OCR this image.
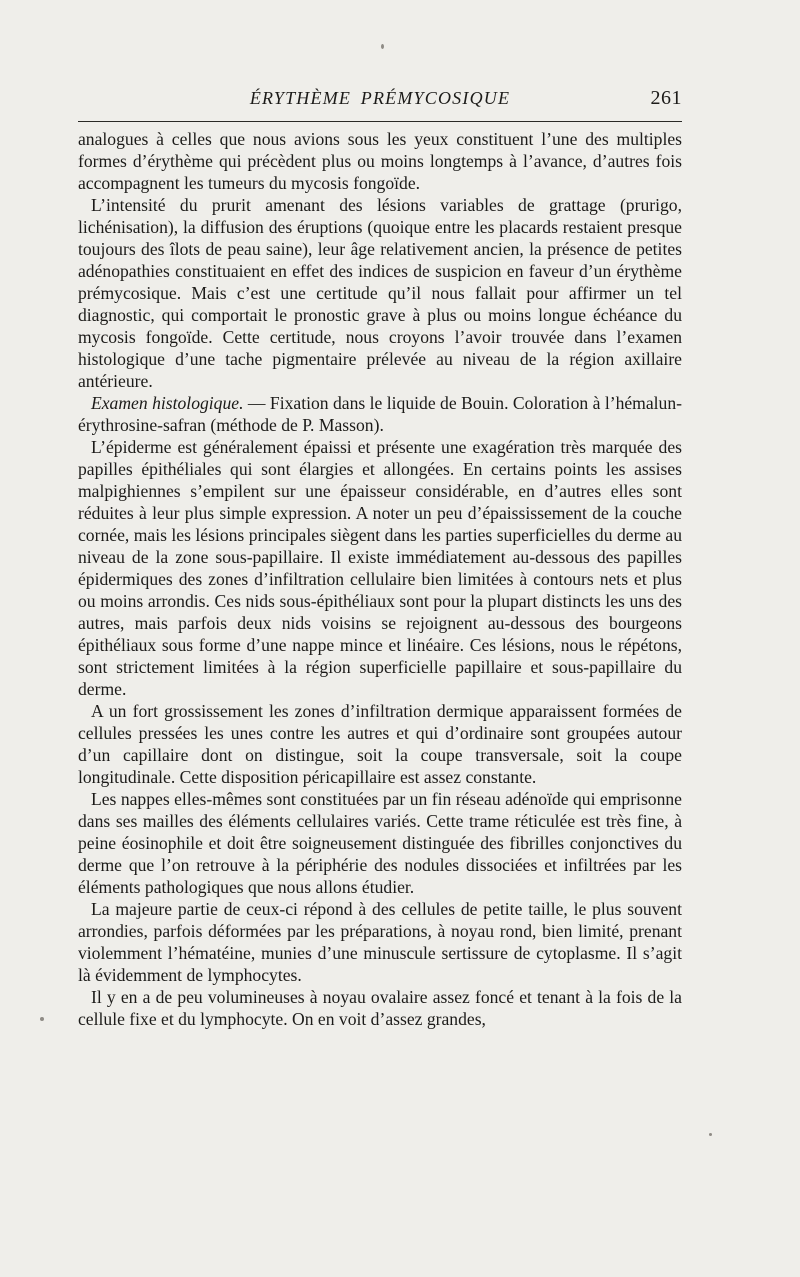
ÉRYTHÈME PRÉMYCOSIQUE	261

analogues à celles que nous avions sous les yeux constituent l’une des multiples formes d’érythème qui précèdent plus ou moins longtemps à l’avance, d’autres fois accompagnent les tumeurs du mycosis fongoïde.

L’intensité du prurit amenant des lésions variables de grattage (prurigo, lichénisation), la diffusion des éruptions (quoique entre les placards restaient presque toujours des îlots de peau saine), leur âge relativement ancien, la présence de petites adénopathies constituaient en effet des indices de suspicion en faveur d’un érythème prémycosique. Mais c’est une certitude qu’il nous fallait pour affirmer un tel diagnostic, qui comportait le pronostic grave à plus ou moins longue échéance du mycosis fongoïde. Cette certitude, nous croyons l’avoir trouvée dans l’examen histologique d’une tache pigmentaire prélevée au niveau de la région axillaire antérieure.

Examen histologique. — Fixation dans le liquide de Bouin. Coloration à l’hémalun-érythrosine-safran (méthode de P. Masson).

L’épiderme est généralement épaissi et présente une exagération très marquée des papilles épithéliales qui sont élargies et allongées. En certains points les assises malpighiennes s’empilent sur une épaisseur considérable, en d’autres elles sont réduites à leur plus simple expression. A noter un peu d’épaississement de la couche cornée, mais les lésions principales siègent dans les parties superficielles du derme au niveau de la zone sous-papillaire. Il existe immédiatement au-dessous des papilles épidermiques des zones d’infiltration cellulaire bien limitées à contours nets et plus ou moins arrondis. Ces nids sous-épithéliaux sont pour la plupart distincts les uns des autres, mais parfois deux nids voisins se rejoignent au-dessous des bourgeons épithéliaux sous forme d’une nappe mince et linéaire. Ces lésions, nous le répétons, sont strictement limitées à la région superficielle papillaire et sous-papillaire du derme.

A un fort grossissement les zones d’infiltration dermique apparaissent formées de cellules pressées les unes contre les autres et qui d’ordinaire sont groupées autour d’un capillaire dont on distingue, soit la coupe transversale, soit la coupe longitudinale. Cette disposition péricapillaire est assez constante.

Les nappes elles-mêmes sont constituées par un fin réseau adénoïde qui emprisonne dans ses mailles des éléments cellulaires variés. Cette trame réticulée est très fine, à peine éosinophile et doit être soigneusement distinguée des fibrilles conjonctives du derme que l’on retrouve à la périphérie des nodules dissociées et infiltrées par les éléments pathologiques que nous allons étudier.

La majeure partie de ceux-ci répond à des cellules de petite taille, le plus souvent arrondies, parfois déformées par les préparations, à noyau rond, bien limité, prenant violemment l’hématéine, munies d’une minuscule sertissure de cytoplasme. Il s’agit là évidemment de lymphocytes.

Il y en a de peu volumineuses à noyau ovalaire assez foncé et tenant à la fois de la cellule fixe et du lymphocyte. On en voit d’assez grandes,
